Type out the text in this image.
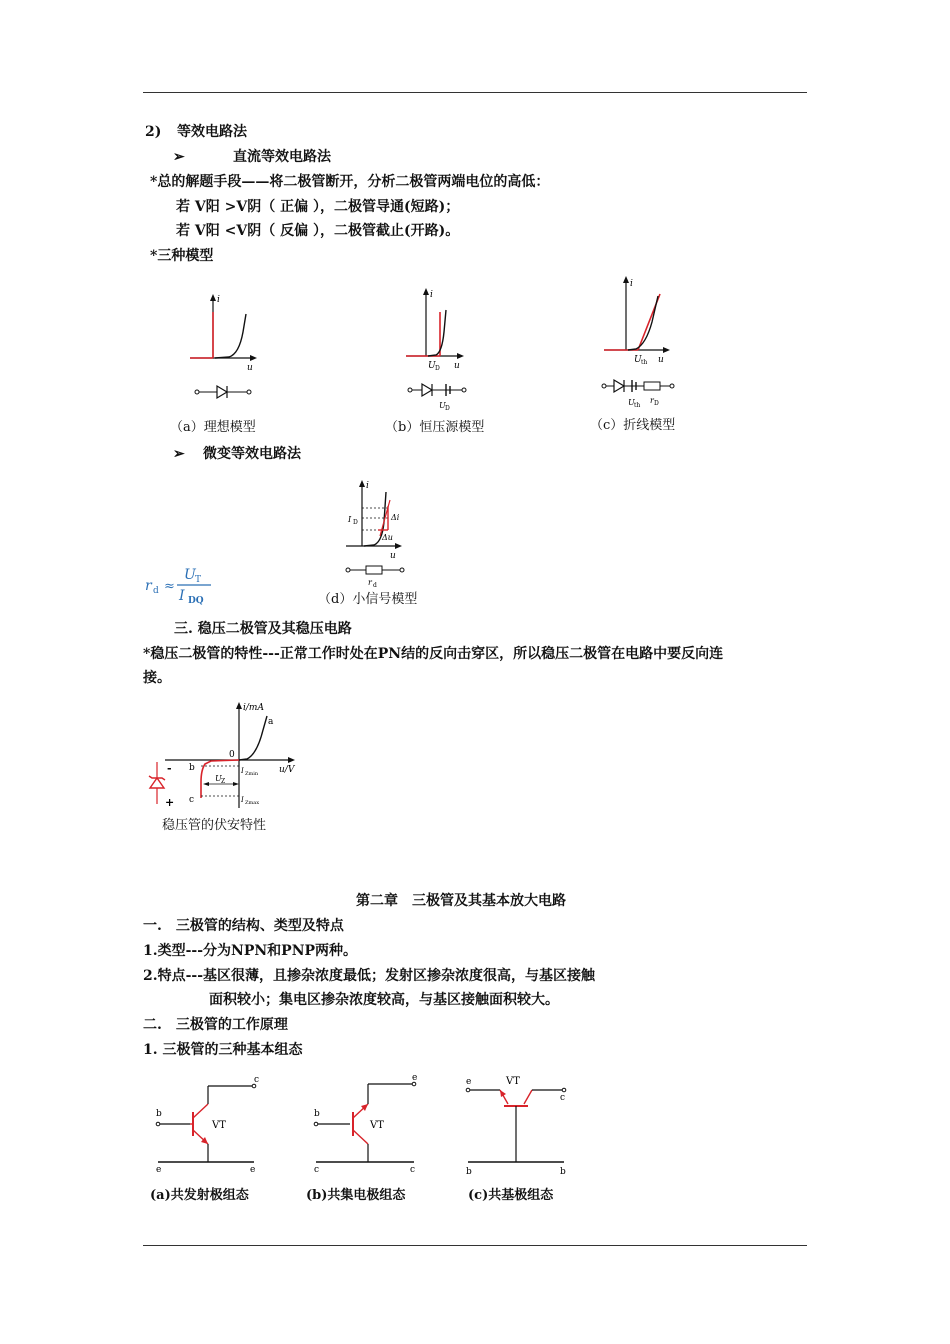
2) 等效电路法
➢	直流等效电路法
*总的解题手段——将二极管断开，分析二极管两端电位的高低：
若 V阳 >V阴（ 正偏 ），二极管导通(短路)；
若 V阳 <V阴（ 反偏 ），二极管截止(开路)。
*三种模型
i
u
（a）理想模型
i
U D u
U D
（b）恒压源模型
i
U th u
U th
r D
（c）折线模型
➢ 微变等效电路法
i
I D
Δi
Δu
u
r d
（d）小信号模型
r d ≈
U T
I DQ
三. 稳压二极管及其稳压电路
*稳压二极管的特性---正常工作时处在PN结的反向击穿区，所以稳压二极管在电路中要反向连
接。
i/mA
a
0
b
c
u/V
U Z
I Zmin
I Zmax
-
+
稳压管的伏安特性
第二章　三极管及其基本放大电路
一.　三极管的结构、类型及特点
1.类型---分为NPN和PNP两种。
2.特点---基区很薄，且掺杂浓度最低；发射区掺杂浓度很高，与基区接触
面积较小；集电区掺杂浓度较高，与基区接触面积较大。
二.　三极管的工作原理
1. 三极管的三种基本组态
b
c
VT
e	e
(a)共发射极组态
b
e
VT
c	c
(b)共集电极组态
e	VT
c
b	b
(c)共基极组态
